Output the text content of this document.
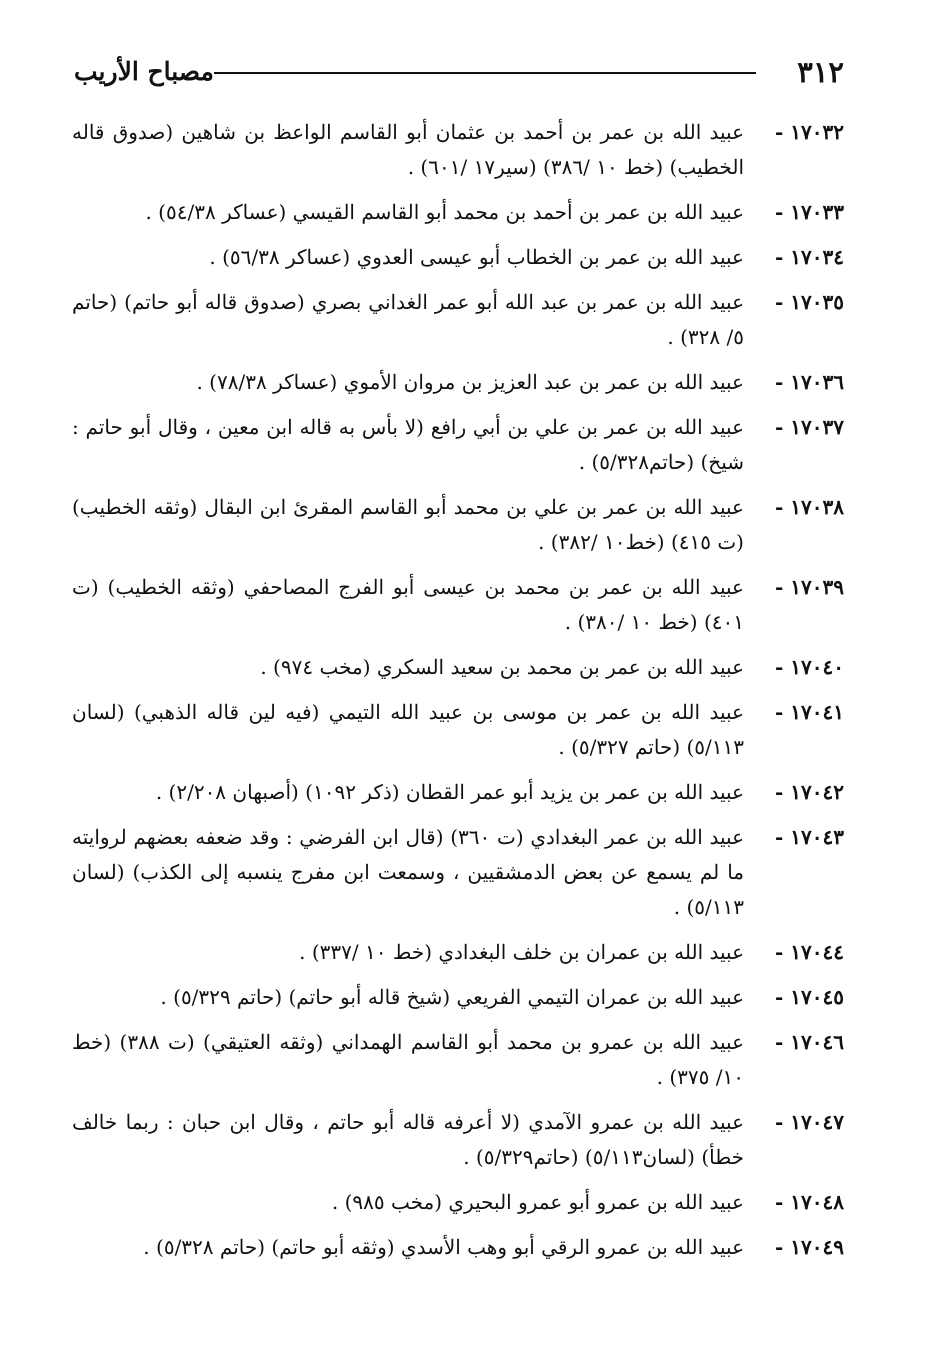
٣١٢
مصباح الأريب
١٧٠٣٢ -
عبيد الله بن عمر بن أحمد بن عثمان أبو القاسم الواعظ بن شاهين (صدوق قاله الخطيب) (خط ١٠ /٣٨٦) (سير١٧ /٦٠١) .
١٧٠٣٣ -
عبيد الله بن عمر بن أحمد بن محمد أبو القاسم القيسي (عساكر ٥٤/٣٨) .
١٧٠٣٤ -
عبيد الله بن عمر بن الخطاب أبو عيسى العدوي (عساكر ٥٦/٣٨) .
١٧٠٣٥ -
عبيد الله بن عمر بن عبد الله أبو عمر الغداني بصري (صدوق قاله أبو حاتم) (حاتم ٥/ ٣٢٨) .
١٧٠٣٦ -
عبيد الله بن عمر بن عبد العزيز بن مروان الأموي (عساكر ٧٨/٣٨) .
١٧٠٣٧ -
عبيد الله بن عمر بن علي بن أبي رافع (لا بأس به قاله ابن معين ، وقال أبو حاتم : شيخ) (حاتم٥/٣٢٨) .
١٧٠٣٨ -
عبيد الله بن عمر بن علي بن محمد أبو القاسم المقرئ ابن البقال (وثقه الخطيب) (ت ٤١٥) (خط١٠ /٣٨٢) .
١٧٠٣٩ -
عبيد الله بن عمر بن محمد بن عيسى أبو الفرج المصاحفي (وثقه الخطيب) (ت ٤٠١) (خط ١٠ /٣٨٠) .
١٧٠٤٠ -
عبيد الله بن عمر بن محمد بن سعيد السكري (مخب ٩٧٤) .
١٧٠٤١ -
عبيد الله بن عمر بن موسى بن عبيد الله التيمي (فيه لين قاله الذهبي) (لسان ٥/١١٣) (حاتم ٥/٣٢٧) .
١٧٠٤٢ -
عبيد الله بن عمر بن يزيد أبو عمر القطان (ذكر ١٠٩٢) (أصبهان ٢/٢٠٨) .
١٧٠٤٣ -
عبيد الله بن عمر البغدادي (ت ٣٦٠) (قال ابن الفرضي : وقد ضعفه بعضهم لروايته ما لم يسمع عن بعض الدمشقيين ، وسمعت ابن مفرج ينسبه إلى الكذب) (لسان ٥/١١٣) .
١٧٠٤٤ -
عبيد الله بن عمران بن خلف البغدادي (خط ١٠ /٣٣٧) .
١٧٠٤٥ -
عبيد الله بن عمران التيمي الفريعي (شيخ قاله أبو حاتم) (حاتم ٥/٣٢٩) .
١٧٠٤٦ -
عبيد الله بن عمرو بن محمد أبو القاسم الهمداني (وثقه العتيقي) (ت ٣٨٨) (خط ١٠/ ٣٧٥) .
١٧٠٤٧ -
عبيد الله بن عمرو الآمدي (لا أعرفه قاله أبو حاتم ، وقال ابن حبان : ربما خالف خطأ) (لسان٥/١١٣) (حاتم٥/٣٢٩) .
١٧٠٤٨ -
عبيد الله بن عمرو أبو عمرو البحيري (مخب ٩٨٥) .
١٧٠٤٩ -
عبيد الله بن عمرو الرقي أبو وهب الأسدي (وثقه أبو حاتم) (حاتم ٥/٣٢٨) .
